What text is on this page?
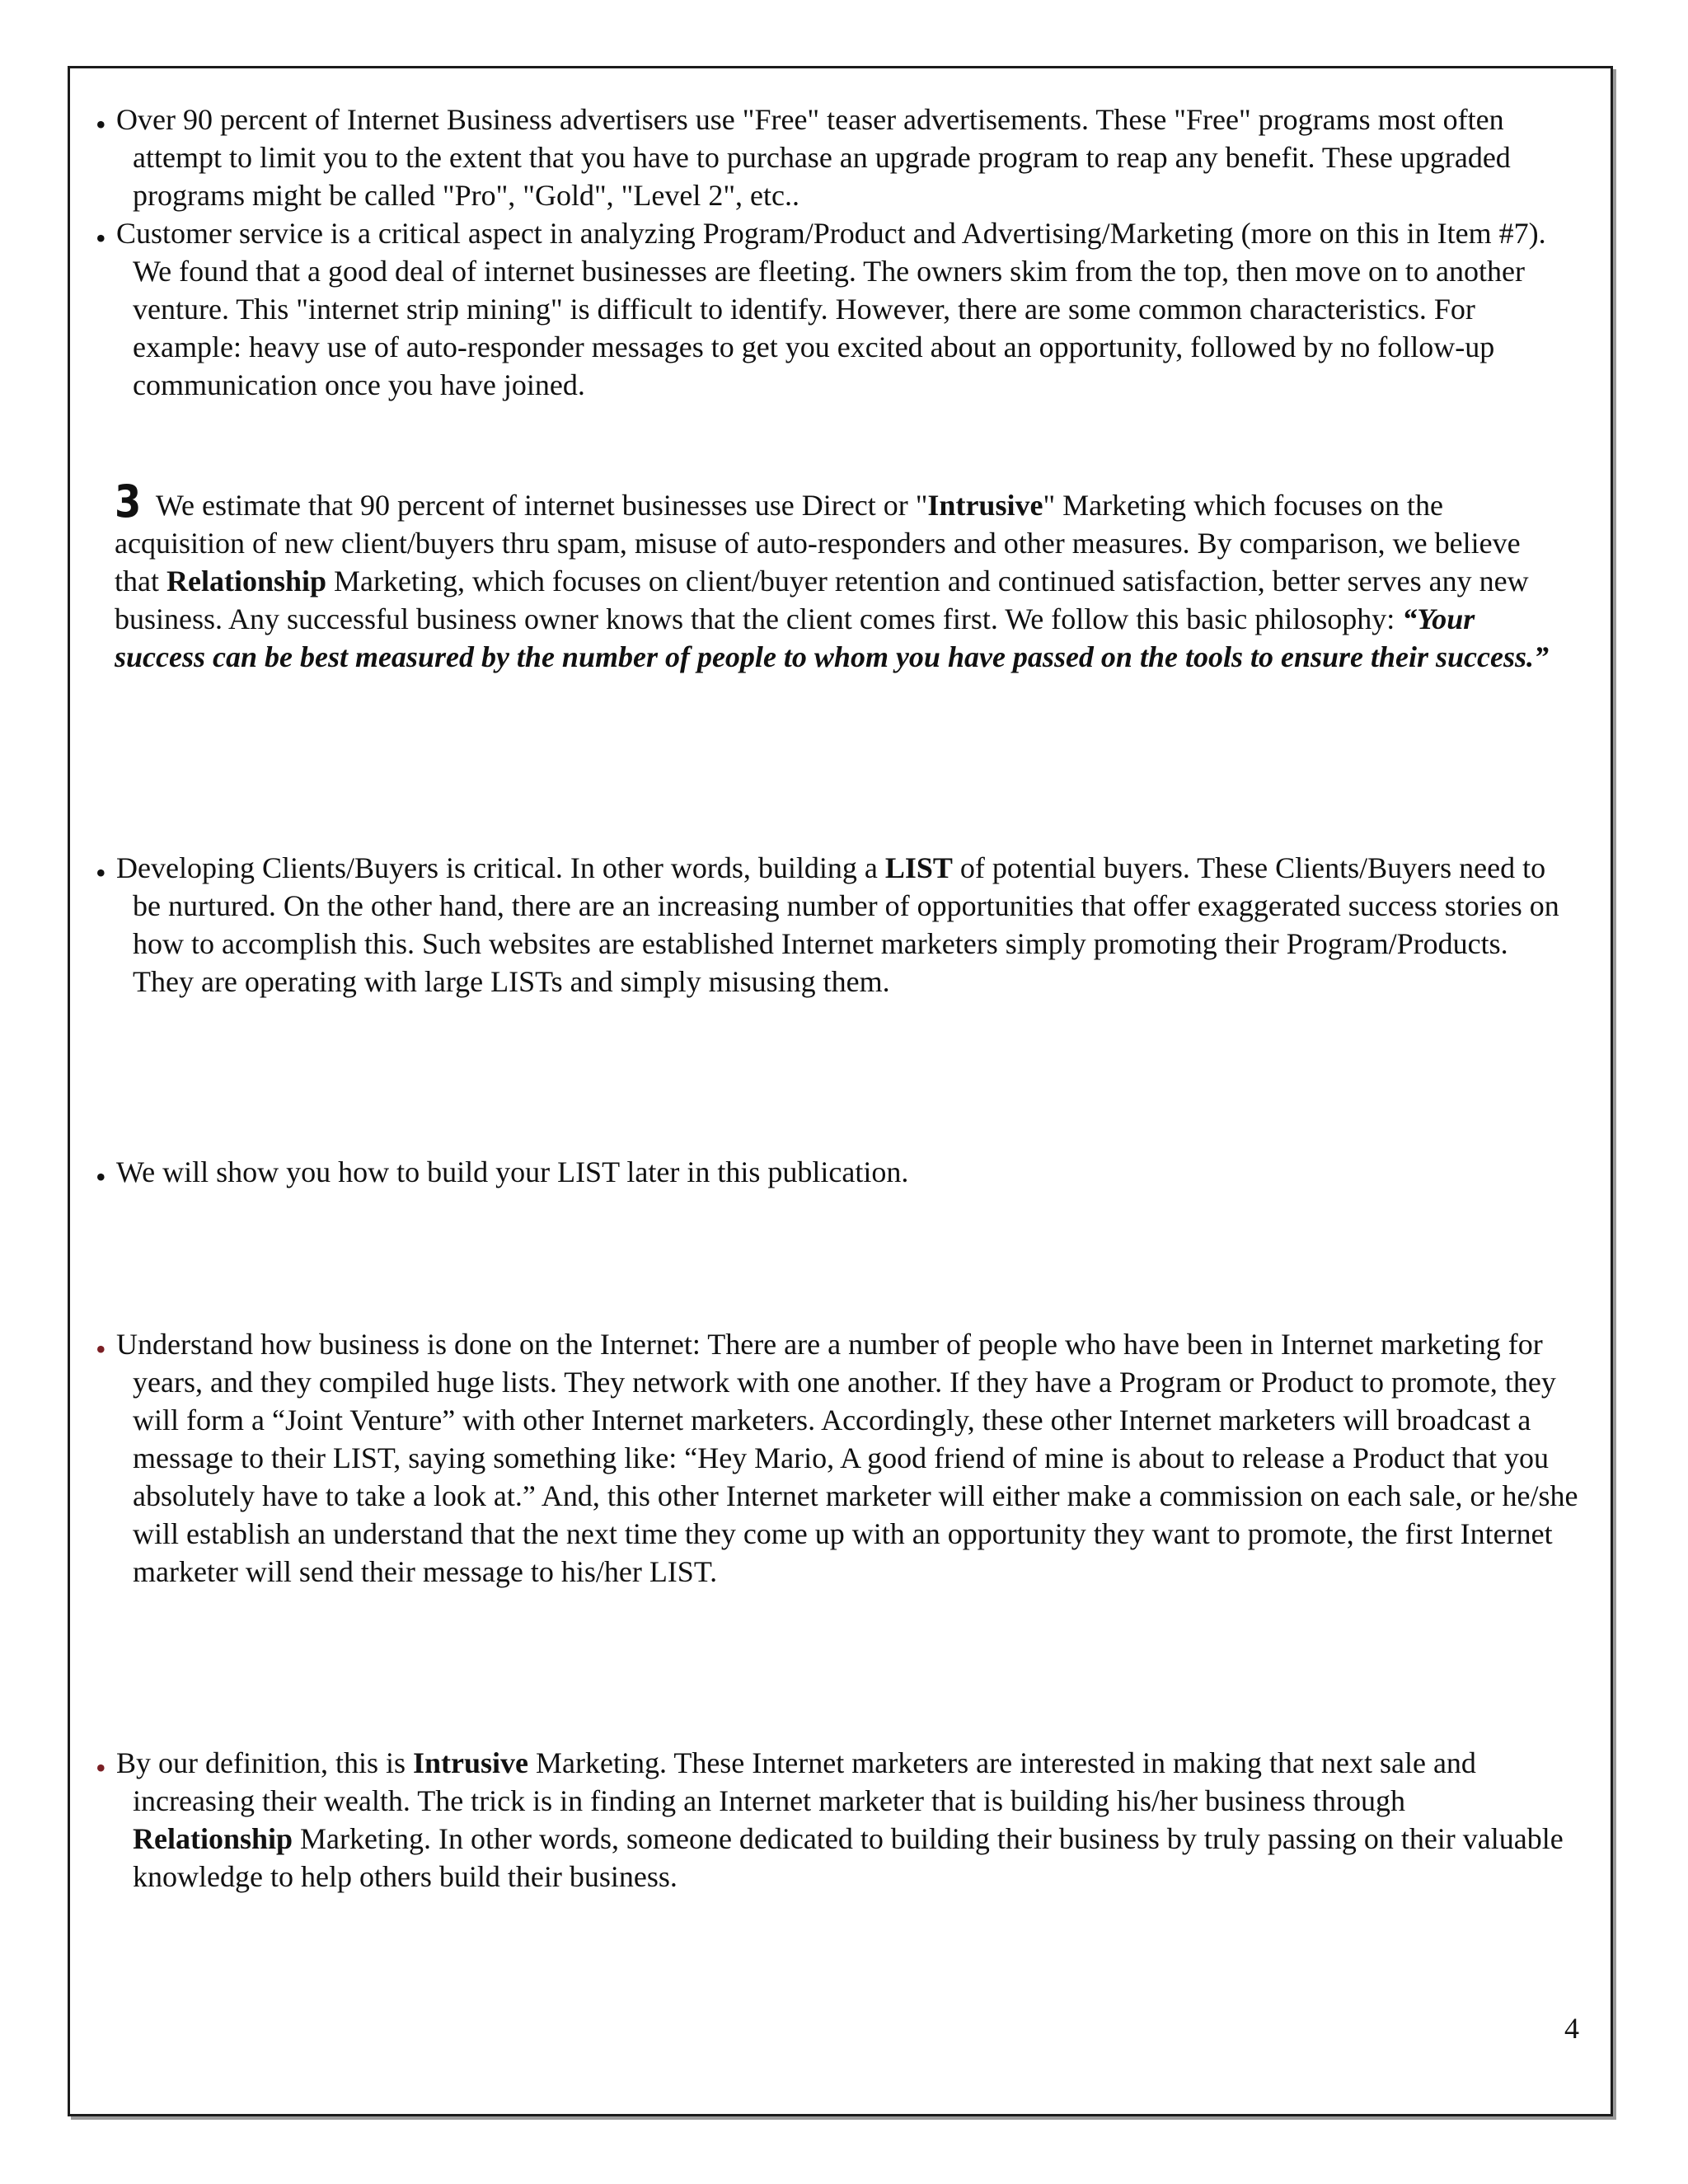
• Over 90 percent of Internet Business advertisers use "Free" teaser advertisements. These "Free" programs most often attempt to limit you to the extent that you have to purchase an upgrade program to reap any benefit. These upgraded programs might be called "Pro", "Gold", "Level 2", etc..
• Customer service is a critical aspect in analyzing Program/Product and Advertising/Marketing (more on this in Item #7). We found that a good deal of internet businesses are fleeting. The owners skim from the top, then move on to another venture. This "internet strip mining" is difficult to identify. However, there are some common characteristics. For example: heavy use of auto-responder messages to get you excited about an opportunity, followed by no follow-up communication once you have joined.
3 We estimate that 90 percent of internet businesses use Direct or "Intrusive" Marketing which focuses on the acquisition of new client/buyers thru spam, misuse of auto-responders and other measures. By comparison, we believe that Relationship Marketing, which focuses on client/buyer retention and continued satisfaction, better serves any new business. Any successful business owner knows that the client comes first. We follow this basic philosophy: “Your success can be best measured by the number of people to whom you have passed on the tools to ensure their success.”
• Developing Clients/Buyers is critical. In other words, building a LIST of potential buyers. These Clients/Buyers need to be nurtured. On the other hand, there are an increasing number of opportunities that offer exaggerated success stories on how to accomplish this. Such websites are established Internet marketers simply promoting their Program/Products. They are operating with large LISTs and simply misusing them.
• We will show you how to build your LIST later in this publication.
• Understand how business is done on the Internet: There are a number of people who have been in Internet marketing for years, and they compiled huge lists. They network with one another. If they have a Program or Product to promote, they will form a “Joint Venture” with other Internet marketers. Accordingly, these other Internet marketers will broadcast a message to their LIST, saying something like: “Hey Mario, A good friend of mine is about to release a Product that you absolutely have to take a look at.” And, this other Internet marketer will either make a commission on each sale, or he/she will establish an understand that the next time they come up with an opportunity they want to promote, the first Internet marketer will send their message to his/her LIST.
• By our definition, this is Intrusive Marketing. These Internet marketers are interested in making that next sale and increasing their wealth. The trick is in finding an Internet marketer that is building his/her business through Relationship Marketing. In other words, someone dedicated to building their business by truly passing on their valuable knowledge to help others build their business.
4
